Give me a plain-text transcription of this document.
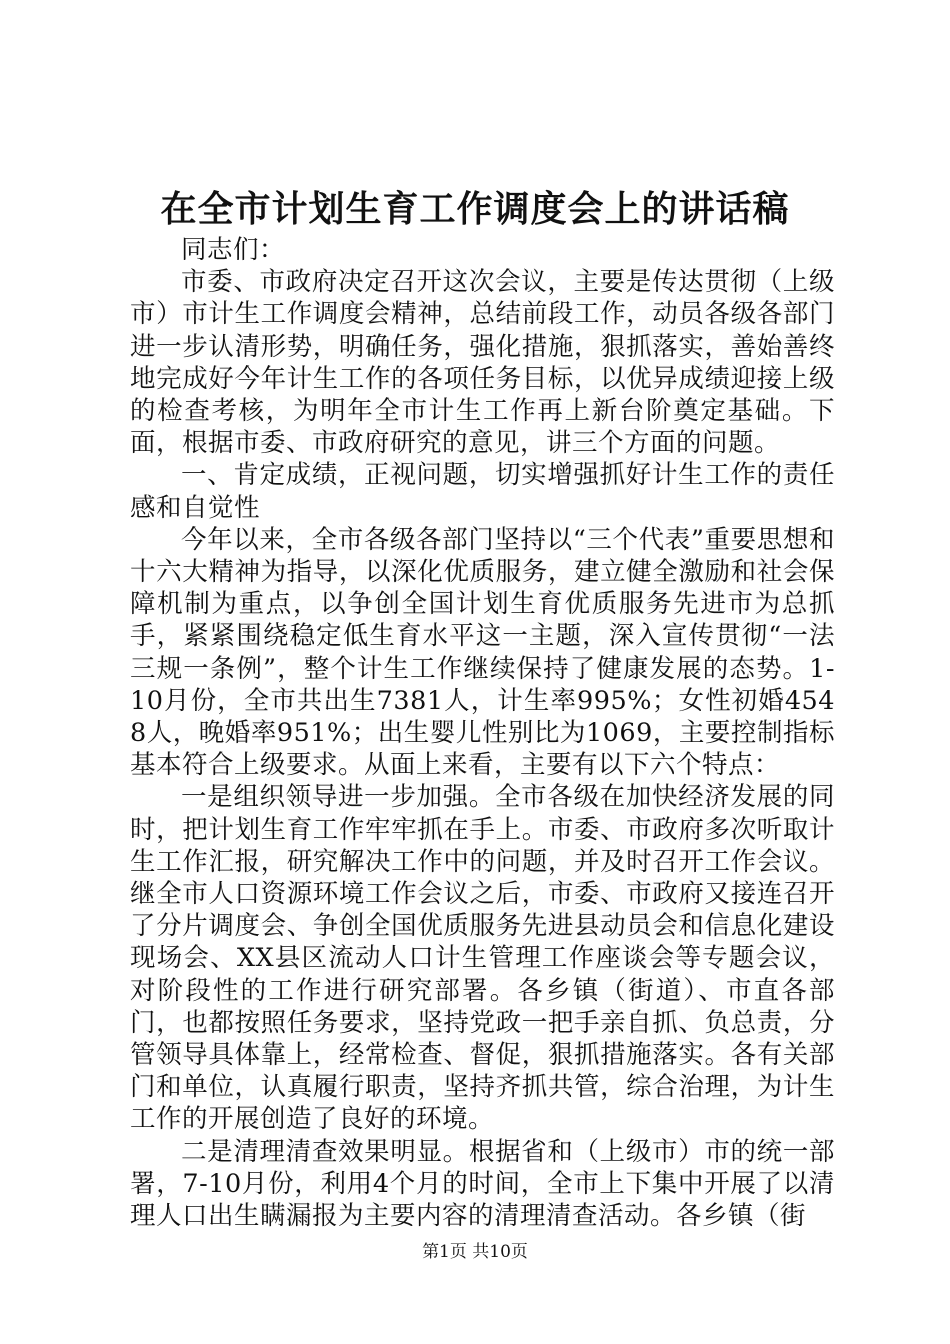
在全市计划生育工作调度会上的讲话稿

同志们：

市委、市政府决定召开这次会议，主要是传达贯彻（上级市）市计生工作调度会精神，总结前段工作，动员各级各部门进一步认清形势，明确任务，强化措施，狠抓落实，善始善终地完成好今年计生工作的各项任务目标，以优异成绩迎接上级的检查考核，为明年全市计生工作再上新台阶奠定基础。下面，根据市委、市政府研究的意见，讲三个方面的问题。

一、肯定成绩，正视问题，切实增强抓好计生工作的责任感和自觉性

今年以来，全市各级各部门坚持以“三个代表”重要思想和十六大精神为指导，以深化优质服务，建立健全激励和社会保障机制为重点，以争创全国计划生育优质服务先进市为总抓手，紧紧围绕稳定低生育水平这一主题，深入宣传贯彻“一法三规一条例”，整个计生工作继续保持了健康发展的态势。1-10月份，全市共出生7381人，计生率995%；女性初婚4548人，晚婚率951%；出生婴儿性别比为1069，主要控制指标基本符合上级要求。从面上来看，主要有以下六个特点：

一是组织领导进一步加强。全市各级在加快经济发展的同时，把计划生育工作牢牢抓在手上。市委、市政府多次听取计生工作汇报，研究解决工作中的问题，并及时召开工作会议。继全市人口资源环境工作会议之后，市委、市政府又接连召开了分片调度会、争创全国优质服务先进县动员会和信息化建设现场会、XX县区流动人口计生管理工作座谈会等专题会议，对阶段性的工作进行研究部署。各乡镇（街道）、市直各部门，也都按照任务要求，坚持党政一把手亲自抓、负总责，分管领导具体靠上，经常检查、督促，狠抓措施落实。各有关部门和单位，认真履行职责，坚持齐抓共管，综合治理，为计生工作的开展创造了良好的环境。

二是清理清查效果明显。根据省和（上级市）市的统一部署，7-10月份，利用4个月的时间，全市上下集中开展了以清理人口出生瞒漏报为主要内容的清理清查活动。各乡镇（街

第1页 共10页
